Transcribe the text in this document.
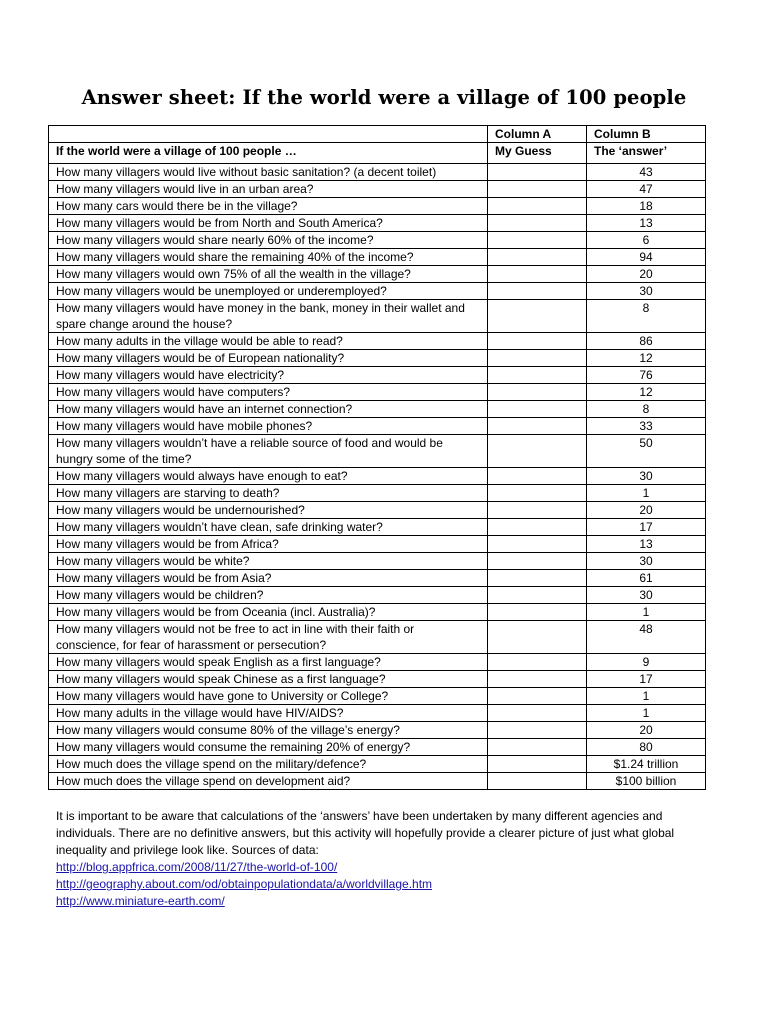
Answer sheet: If the world were a village of 100 people
	Column A	Column B
If the world were a village of 100 people …	My Guess	The ‘answer’
How many villagers would live without basic sanitation? (a decent toilet)		43
How many villagers would live in an urban area?		47
How many cars would there be in the village?		18
How many villagers would be from North and South America?		13
How many villagers would share nearly 60% of the income?		6
How many villagers would share the remaining 40% of the income?		94
How many villagers would own 75% of all the wealth in the village?		20
How many villagers would be unemployed or underemployed?		30
How many villagers would have money in the bank, money in their wallet and spare change around the house?		8
How many adults in the village would be able to read?		86
How many villagers would be of European nationality?		12
How many villagers would have electricity?		76
How many villagers would have computers?		12
How many villagers would have an internet connection?		8
How many villagers would have mobile phones?		33
How many villagers wouldn’t have a reliable source of food and would be hungry some of the time?		50
How many villagers would always have enough to eat?		30
How many villagers are starving to death?		1
How many villagers would be undernourished?		20
How many villagers wouldn’t have clean, safe drinking water?		17
How many villagers would be from Africa?		13
How many villagers would be white?		30
How many villagers would be from Asia?		61
How many villagers would be children?		30
How many villagers would be from Oceania (incl. Australia)?		1
How many villagers would not be free to act in line with their faith or conscience, for fear of harassment or persecution?		48
How many villagers would speak English as a first language?		9
How many villagers would speak Chinese as a first language?		17
How many villagers would have gone to University or College?		1
How many adults in the village would have HIV/AIDS?		1
How many villagers would consume 80% of the village’s energy?		20
How many villagers would consume the remaining 20% of energy?		80
How much does the village spend on the military/defence?		$1.24 trillion
How much does the village spend on development aid?		$100 billion

It is important to be aware that calculations of the ‘answers’ have been undertaken by many different agencies and individuals. There are no definitive answers, but this activity will hopefully provide a clearer picture of just what global inequality and privilege look like. Sources of data:

http://blog.appfrica.com/2008/11/27/the-world-of-100/
http://geography.about.com/od/obtainpopulationdata/a/worldvillage.htm
http://www.miniature-earth.com/
